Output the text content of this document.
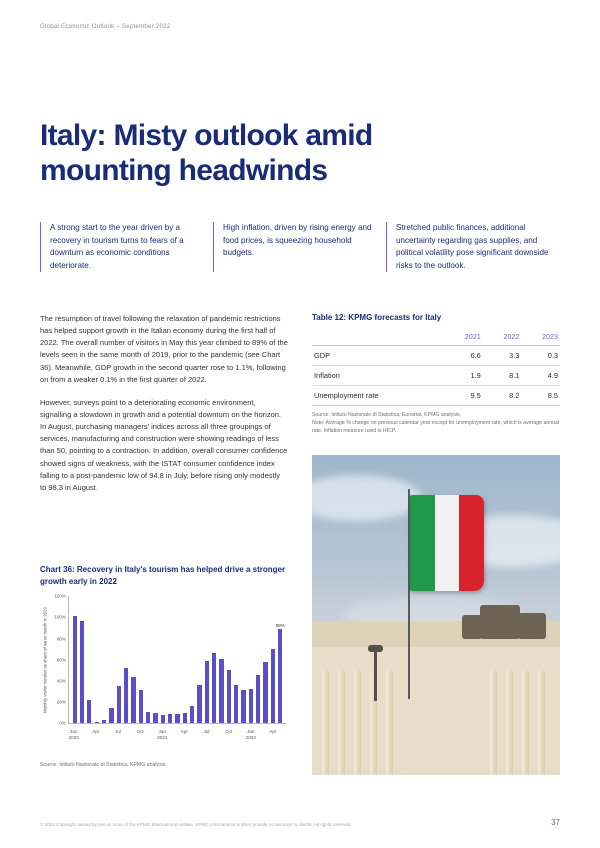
Global Economic Outlook – September 2022
Italy: Misty outlook amid mounting headwinds
A strong start to the year driven by a recovery in tourism turns to fears of a downturn as economic conditions deteriorate.
High inflation, driven by rising energy and food prices, is squeezing household budgets.
Stretched public finances, additional uncertainty regarding gas supplies, and political volatility pose significant downside risks to the outlook.

The resumption of travel following the relaxation of pandemic restrictions has helped support growth in the Italian economy during the first half of 2022. The overall number of visitors in May this year climbed to 89% of the levels seen in the same month of 2019, prior to the pandemic (see Chart 36). Meanwhile, GDP growth in the second quarter rose to 1.1%, following on from a weaker 0.1% in the first quarter of 2022.

However, surveys point to a deteriorating economic environment, signalling a slowdown in growth and a potential downturn on the horizon. In August, purchasing managers' indices across all three groupings of services, manufacturing and construction were showing readings of less than 50, pointing to a contraction. In addition, overall consumer confidence showed signs of weakness, with the ISTAT consumer confidence index falling to a post-pandemic low of 94.8 in July, before rising only modestly to 98.3 in August.

Chart 36: Recovery in Italy's tourism has helped drive a stronger growth early in 2022
Monthly visitor number as share of same month in 2019	89%
120%
100%
80%
60%
40%
20%
0%
Jan
2020
Apr	Jul	Oct	Jan
2021
Apr	Jul	Oct	Jan
2022
Apr
Source: Istituto Nazionale di Statistica, KPMG analysis.
Table 12: KPMG forecasts for Italy
	2021	2022	2023
GDP	6.6	3.3	0.3
Inflation	1.9	8.1	4.9
Unemployment rate	9.5	8.2	8.5
Source: Istituto Nazionale di Statistica, Eurostat, KPMG analysis.
Note: Average % change on previous calendar year except for unemployment rate, which is average annual rate. Inflation measure used is HICP.
© 2022 Copyright owned by one or more of the KPMG International entities. KPMG International entities provide no services to clients. All rights reserved.	37
